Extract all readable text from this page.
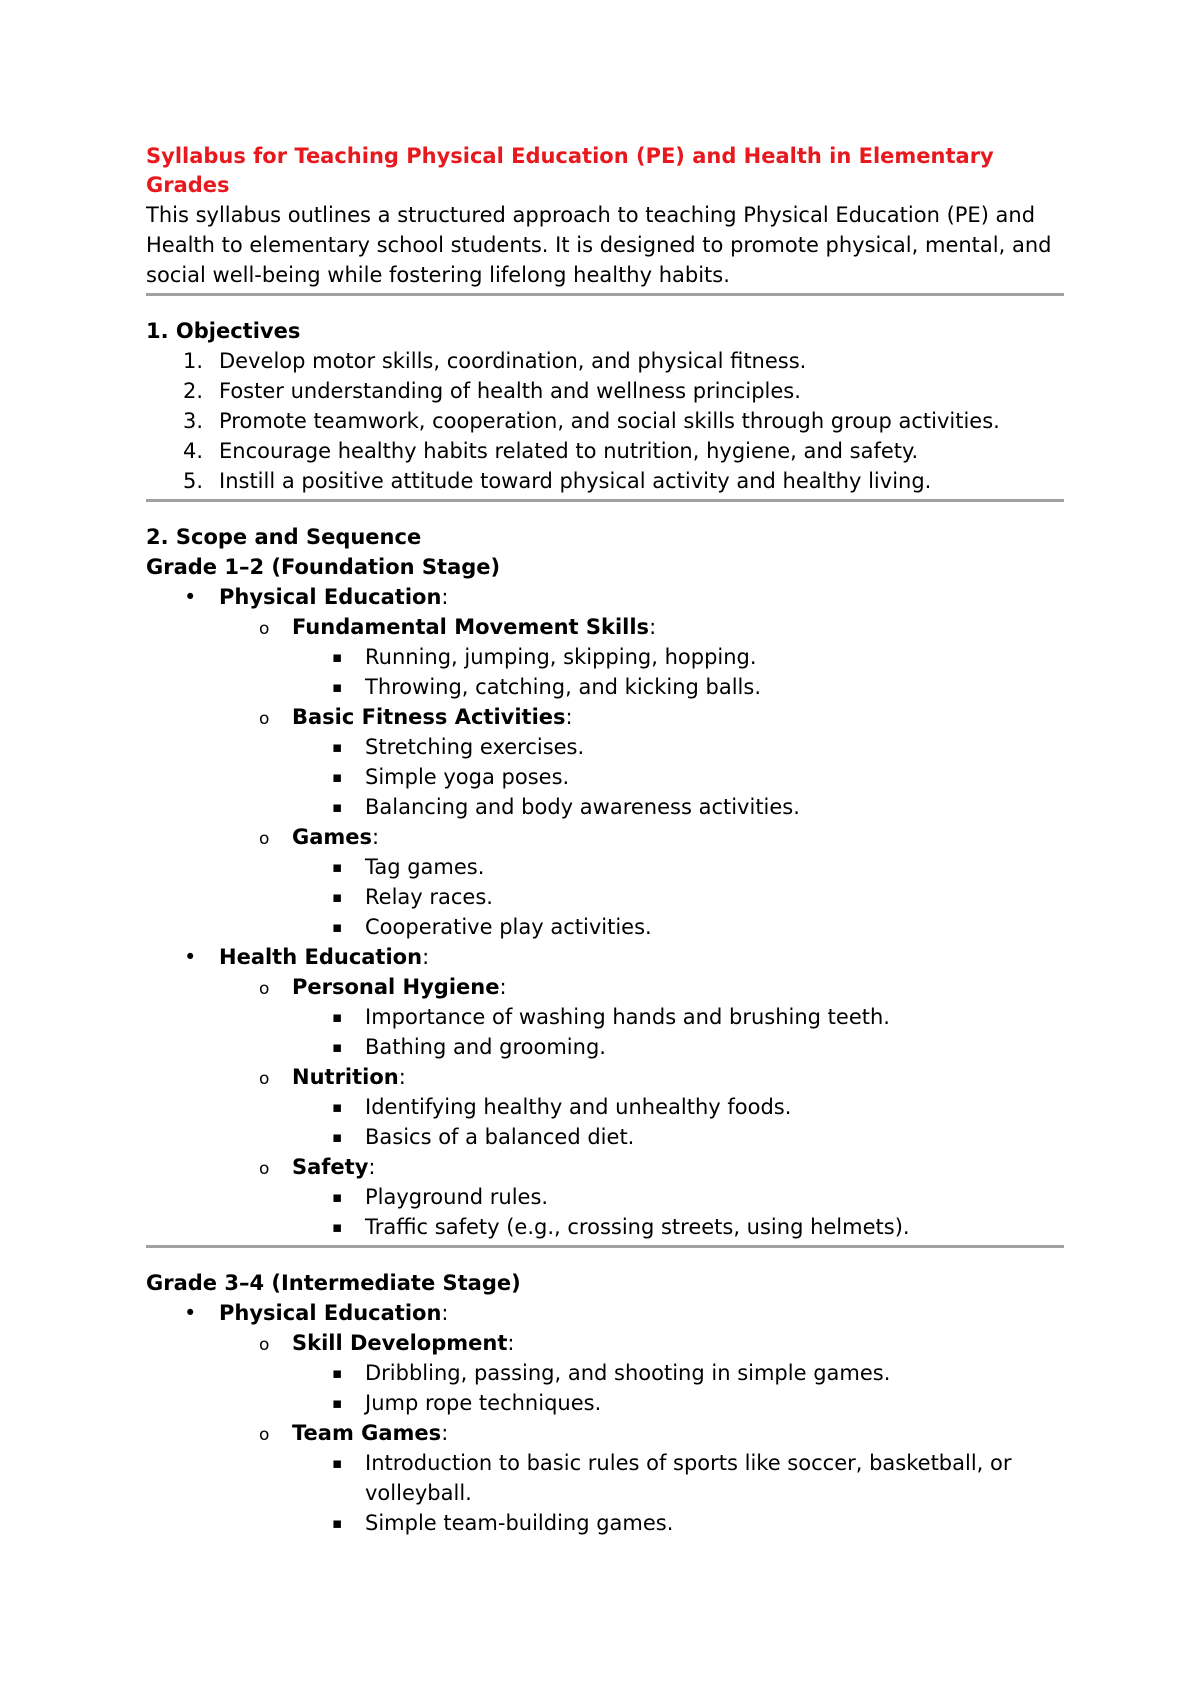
Syllabus for Teaching Physical Education (PE) and Health in Elementary Grades

This syllabus outlines a structured approach to teaching Physical Education (PE) and Health to elementary school students. It is designed to promote physical, mental, and social well-being while fostering lifelong healthy habits.

1. Objectives

1. Develop motor skills, coordination, and physical fitness.
2. Foster understanding of health and wellness principles.
3. Promote teamwork, cooperation, and social skills through group activities.
4. Encourage healthy habits related to nutrition, hygiene, and safety.
5. Instill a positive attitude toward physical activity and healthy living.

2. Scope and Sequence

Grade 1–2 (Foundation Stage)

• Physical Education:
o Fundamental Movement Skills:
▪ Running, jumping, skipping, hopping.
▪ Throwing, catching, and kicking balls.
o Basic Fitness Activities:
▪ Stretching exercises.
▪ Simple yoga poses.
▪ Balancing and body awareness activities.
o Games:
▪ Tag games.
▪ Relay races.
▪ Cooperative play activities.
• Health Education:
o Personal Hygiene:
▪ Importance of washing hands and brushing teeth.
▪ Bathing and grooming.
o Nutrition:
▪ Identifying healthy and unhealthy foods.
▪ Basics of a balanced diet.
o Safety:
▪ Playground rules.
▪ Traffic safety (e.g., crossing streets, using helmets).

Grade 3–4 (Intermediate Stage)

• Physical Education:
o Skill Development:
▪ Dribbling, passing, and shooting in simple games.
▪ Jump rope techniques.
o Team Games:
▪ Introduction to basic rules of sports like soccer, basketball, or volleyball.
▪ Simple team-building games.
